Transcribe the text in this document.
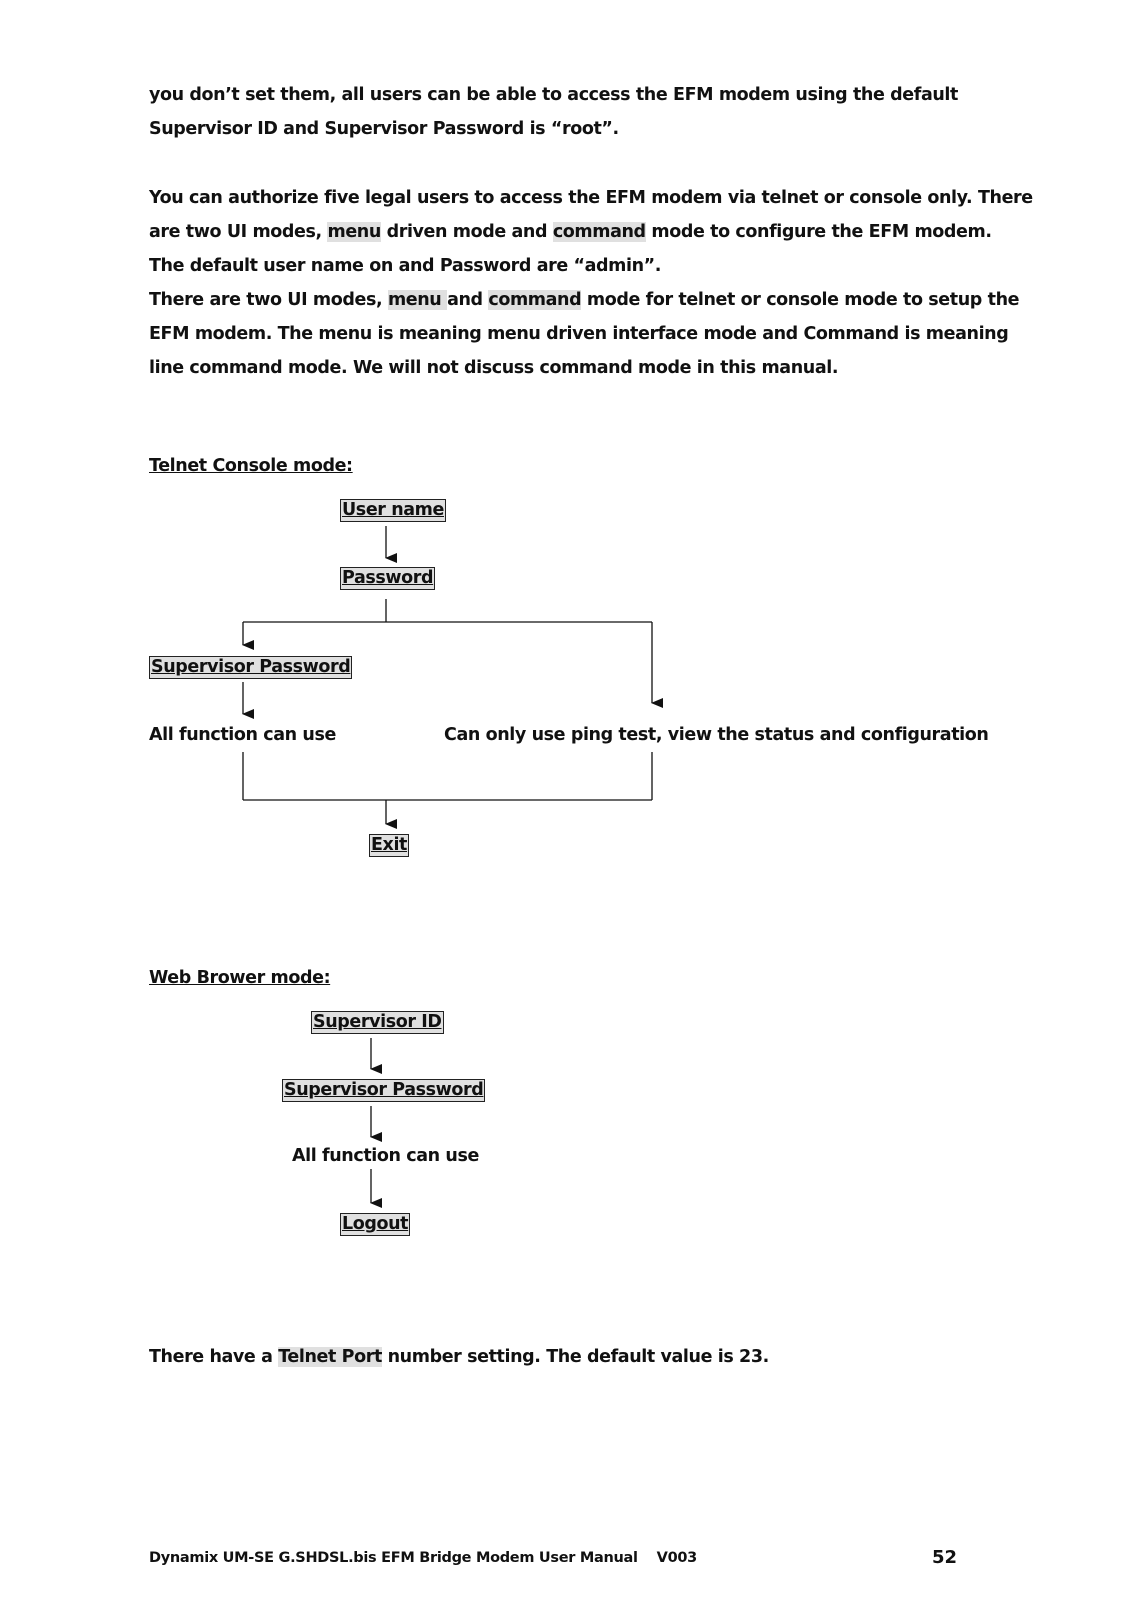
you don’t set them, all users can be able to access the EFM modem using the default
Supervisor ID and Supervisor Password is “root”.
You can authorize five legal users to access the EFM modem via telnet or console only. There
are two UI modes, menu driven mode and command mode to configure the EFM modem.
The default user name on and Password are “admin”.
There are two UI modes, menu and command mode for telnet or console mode to setup the
EFM modem. The menu is meaning menu driven interface mode and Command is meaning
line command mode. We will not discuss command mode in this manual.
Telnet Console mode:
User name
Password
Supervisor Password
All function can use	Can only use ping test, view the status and configuration
Exit
Web Brower mode:
Supervisor ID
Supervisor Password
All function can use
Logout
There have a Telnet Port number setting. The default value is 23.
Dynamix UM-SE G.SHDSL.bis EFM Bridge Modem User Manual V003	52
